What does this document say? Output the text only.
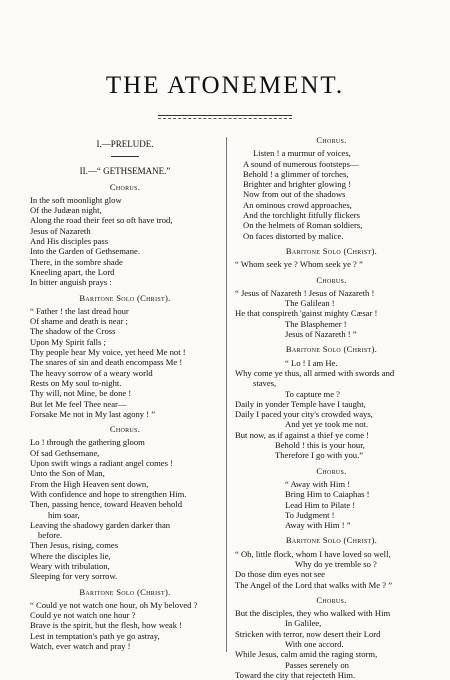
THE ATONEMENT.
I.—PRELUDE.
II.—“ GETHSEMANE.”
Chorus.
In the soft moonlight glow
Of the Judæan night,
Along the road their feet so oft have trod,
Jesus of Nazareth
And His disciples pass
Into the Garden of Gethsemane.
There, in the sombre shade
Kneeling apart, the Lord
In bitter anguish prays :
Baritone Solo (Christ).
“ Father ! the last dread hour
Of shame and death is near ;
The shadow of the Cross
Upon My Spirit falls ;
Thy people hear My voice, yet heed Me not !
The snares of sin and death encompass Me !
The heavy sorrow of a weary world
Rests on My soul to-night.
Thy will, not Mine, be done !
But let Me feel Thee near—
Forsake Me not in My last agony ! ”
Chorus.
Lo ! through the gathering gloom
Of sad Gethsemane,
Upon swift wings a radiant angel comes !
Unto the Son of Man,
From the High Heaven sent down,
With confidence and hope to strengthen Him.
Then, passing hence, toward Heaven behold
him soar,
Leaving the shadowy garden darker than
before.
Then Jesus, rising, comes
Where the disciples lie,
Weary with tribulation,
Sleeping for very sorrow.
Baritone Solo (Christ).
“ Could ye not watch one hour, oh My beloved ?
Could ye not watch one hour ?
Brave is the spirit, but the flesh, how weak !
Lest in temptation's path ye go astray,
Watch, ever watch and pray !
Chorus.
Listen ! a murmur of voices,
A sound of numerous footsteps—
Behold ! a glimmer of torches,
Brighter and brighter glowing !
Now from out of the shadows
An ominous crowd approaches,
And the torchlight fitfully flickers
On the helmets of Roman soldiers,
On faces distorted by malice.
Baritone Solo (Christ).
“ Whom seek ye ? Whom seek ye ? ”
Chorus.
“ Jesus of Nazareth ! Jesus of Nazareth !
The Galilean !
He that conspireth 'gainst mighty Cæsar !
The Blasphemer !
Jesus of Nazareth ! ”
Baritone Solo (Christ).
“ Lo ! I am He.
Why come ye thus, all armed with swords and
staves,
To capture me ?
Daily in yonder Temple have I taught,
Daily I paced your city's crowded ways,
And yet ye took me not.
But now, as if against a thief ye come !
Behold ! this is your hour,
Therefore I go with you.”
Chorus.
“ Away with Him !
Bring Him to Caiaphas !
Lead Him to Pilate !
To Judgment !
Away with Him ! ”
Baritone Solo (Christ).
“ Oh, little flock, whom I have loved so well,
Why do ye tremble so ?
Do those dim eyes not see
The Angel of the Lord that walks with Me ? ”
Chorus.
But the disciples, they who walked with Him
In Galilee,
Stricken with terror, now desert their Lord
With one accord.
While Jesus, calm amid the raging storm,
Passes serenely on
Toward the city that rejecteth Him.
